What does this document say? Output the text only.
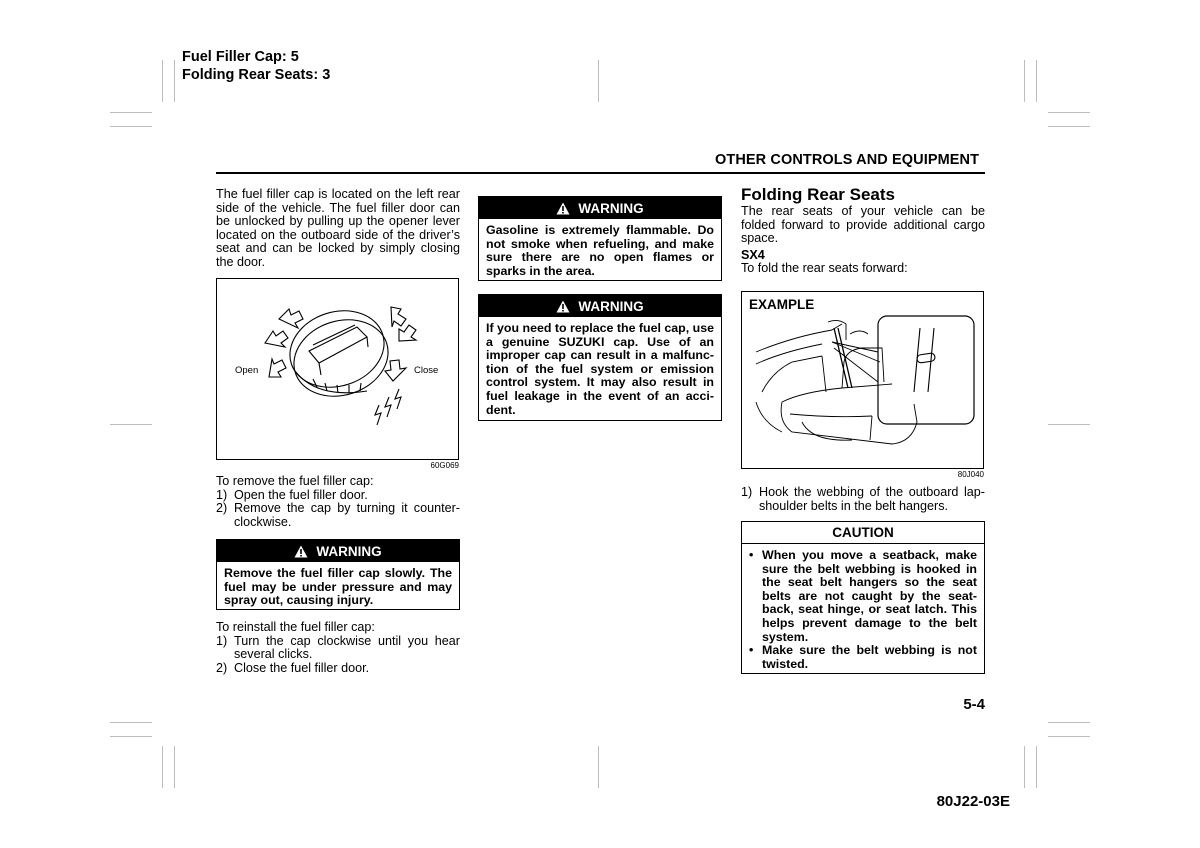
Fuel Filler Cap: 5
Folding Rear Seats: 3
OTHER CONTROLS AND EQUIPMENT

The fuel filler cap is located on the left rear side of the vehicle. The fuel filler door can be unlocked by pulling up the opener lever located on the outboard side of the driver’s seat and can be locked by simply closing the door.

Open	Close
60G069
To remove the fuel filler cap:
1) Open the fuel filler door.
2) Remove the cap by turning it counter-clockwise.
WARNING
Remove the fuel filler cap slowly. The fuel may be under pressure and may spray out, causing injury.
To reinstall the fuel filler cap:
1) Turn the cap clockwise until you hear several clicks.
2) Close the fuel filler door.
WARNING
Gasoline is extremely flammable. Do not smoke when refueling, and make sure there are no open flames or sparks in the area.
WARNING
If you need to replace the fuel cap, use a genuine SUZUKI cap. Use of an improper cap can result in a malfunc-tion of the fuel system or emission control system. It may also result in fuel leakage in the event of an acci-dent.
Folding Rear Seats

The rear seats of your vehicle can be folded forward to provide additional cargo space.

SX4
To fold the rear seats forward:
EXAMPLE
80J040
1) Hook the webbing of the outboard lap-shoulder belts in the belt hangers.
CAUTION
• When you move a seatback, make sure the belt webbing is hooked in the seat belt hangers so the seat belts are not caught by the seat-back, seat hinge, or seat latch. This helps prevent damage to the belt system.
• Make sure the belt webbing is not twisted.
5-4
80J22-03E
